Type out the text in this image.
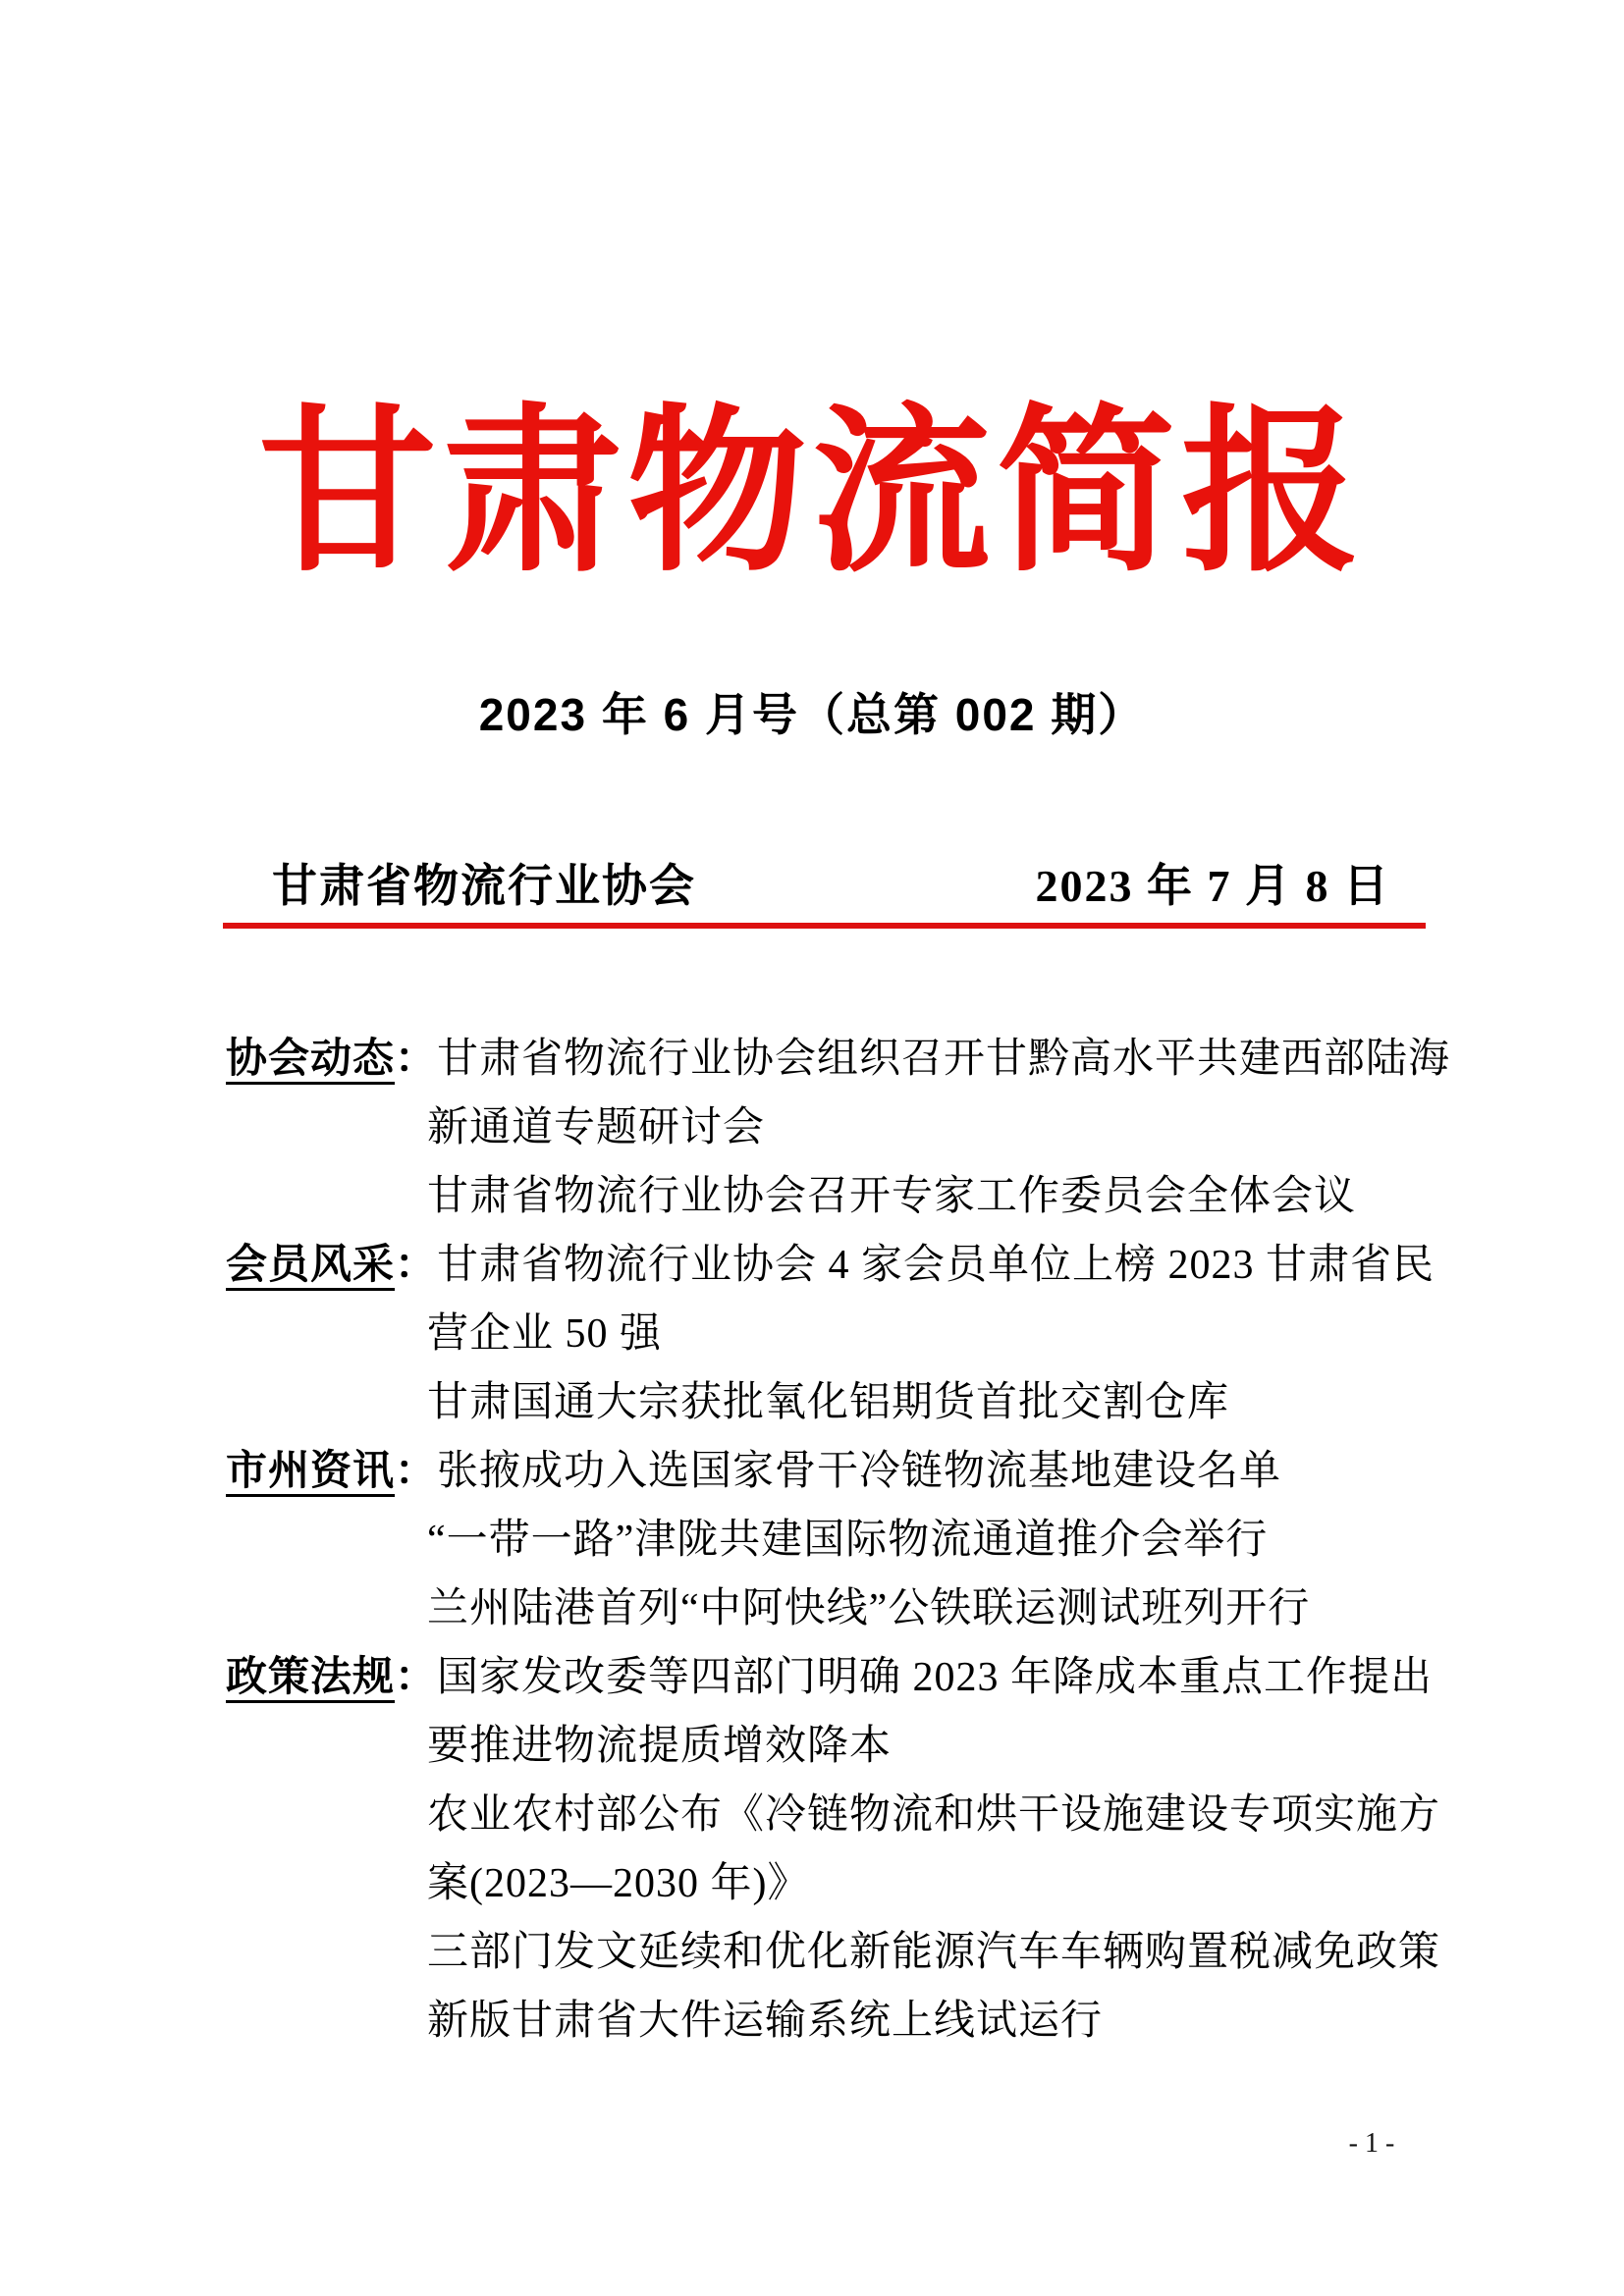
甘肃物流简报
2023 年 6 月号（总第 002 期）
甘肃省物流行业协会	2023 年 7 月 8 日
协会动态： 甘肃省物流行业协会组织召开甘黔高水平共建西部陆海
新通道专题研讨会
甘肃省物流行业协会召开专家工作委员会全体会议
会员风采： 甘肃省物流行业协会 4 家会员单位上榜 2023 甘肃省民
营企业 50 强
甘肃国通大宗获批氧化铝期货首批交割仓库
市州资讯： 张掖成功入选国家骨干冷链物流基地建设名单
“一带一路”津陇共建国际物流通道推介会举行
兰州陆港首列“中阿快线”公铁联运测试班列开行
政策法规： 国家发改委等四部门明确 2023 年降成本重点工作提出
要推进物流提质增效降本
农业农村部公布《冷链物流和烘干设施建设专项实施方
案(2023—2030 年)》
三部门发文延续和优化新能源汽车车辆购置税减免政策
新版甘肃省大件运输系统上线试运行
- 1 -
